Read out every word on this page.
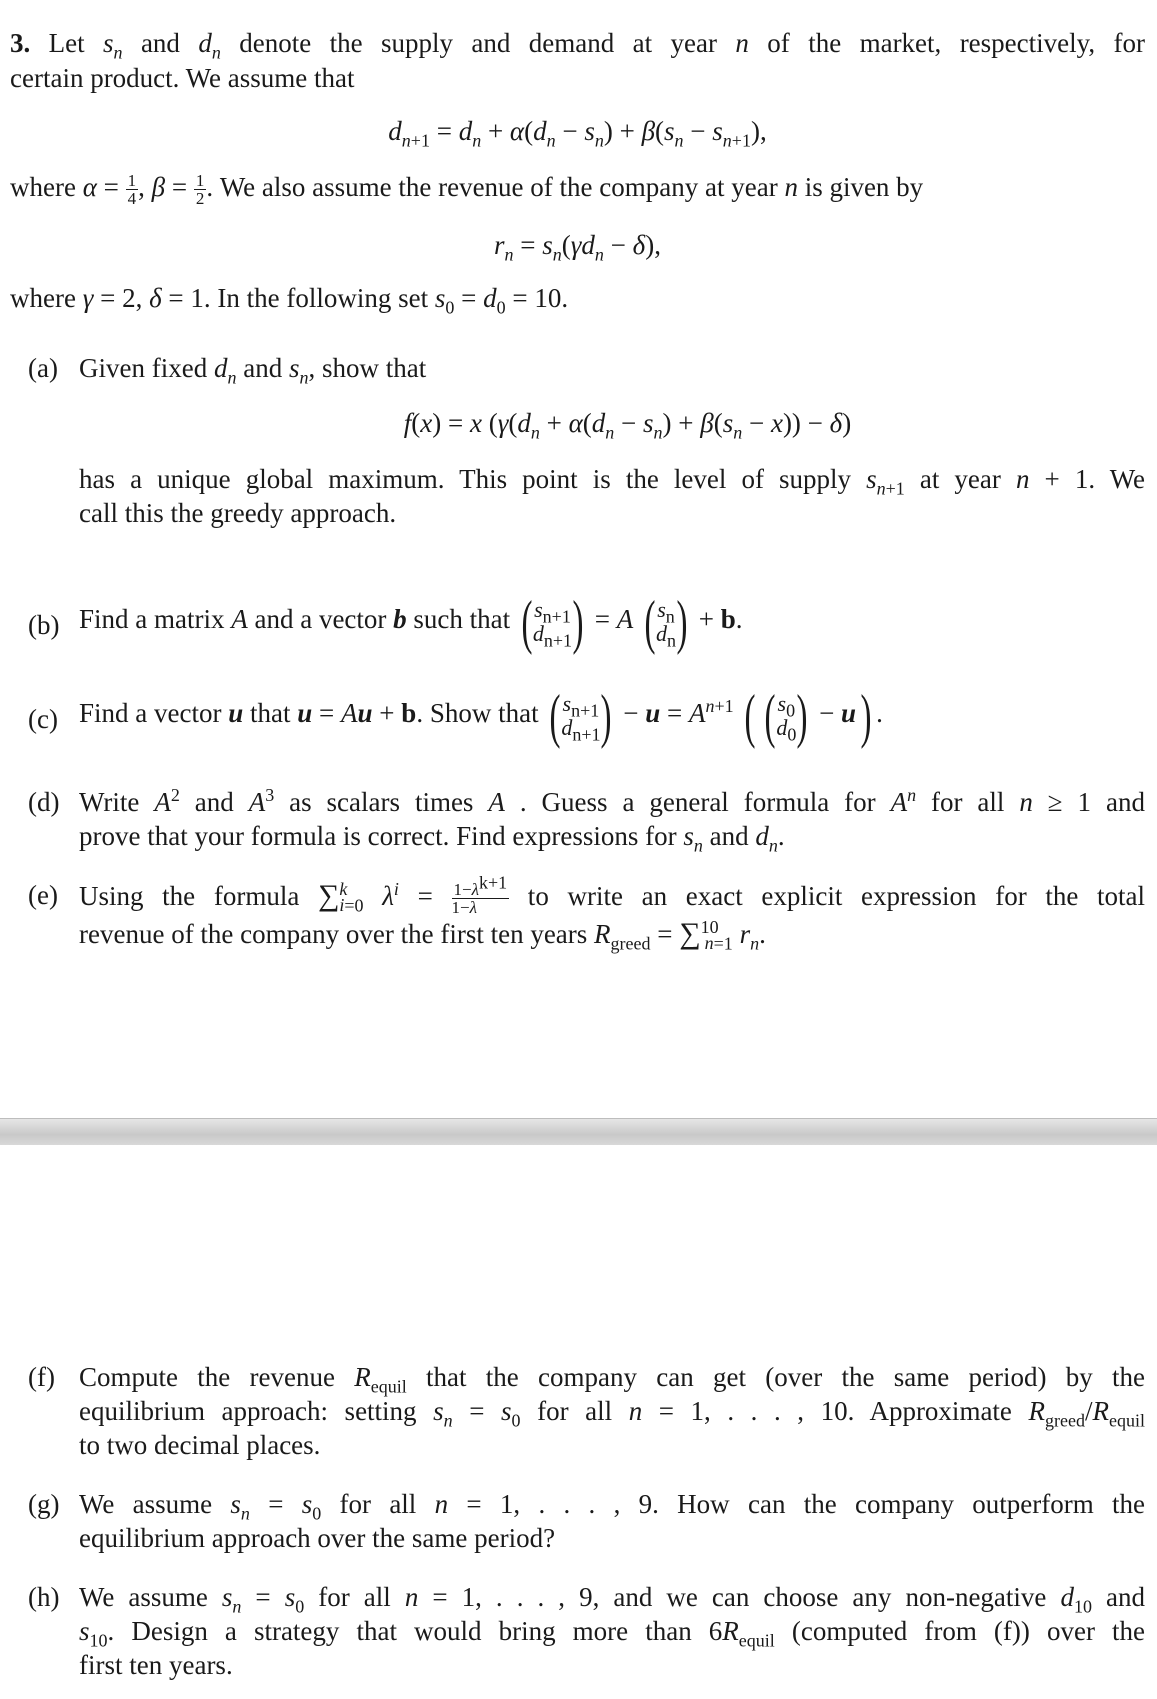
3. Let $s_n$ and $d_n$ denote the supply and demand at year n of the market, respectively, for
certain product. We assume that
$d_{n+1} = d_n + \alpha(d_n - s_n) + \beta(s_n - s_{n+1})$,
where $\alpha = \frac{1}{4}$ , $\beta = \frac{1}{2}$ . We also assume the revenue of the company at year n is given by
$r_n = s_n(\gamma d_n - \delta)$,
where γ = 2, δ = 1. In the following set $s_0 = d_0 = 10$.
(a) Given fixed $d_n$ and $s_n$, show that
f(x) = x $(\gamma(d_n + \alpha(d_n - s_n) + \beta(s_n - x)) - \delta)$
has a unique global maximum. This point is the level of supply $s_{n+1}$ at year n + 1. We
call this the greedy approach.
(b) Find a matrix A and a vector b such that ( $s_{n+1}$
$d_{n+1}$ ) = A ( $s_n$
$d_n$ ) + b.
(c) Find a vector u that u = Au + b. Show that ( $s_{n+1}$
$d_{n+1}$ ) − $u = A^{n+1}$ ( ( $s_0$
$d_0$ ) − u) .
(d) Write $A^2$ and $A^3$ as scalars times A . Guess a general formula for $A^n$ for all n ≥ 1 and
prove that your formula is correct. Find expressions for $s_n$ and $d_n$.
(e) Using the formula ∑$^k_{i=0}$ $\lambda^i = \frac{1-\lambda^{k+1}}{1-\lambda}$ to write an exact explicit expression for the total
revenue of the company over the first ten years $R_{greed} = \sum^{10}_{n=1}$ $r_n$.
(f) Compute the revenue $R_{equil}$ that the company can get (over the same period) by the
equilibrium approach: setting $s_n = s_0$ for all n = 1, . . . , 10. Approximate $R_{greed}/R_{equil}$
to two decimal places.
(g) We assume $s_n = s_0$ for all n = 1, . . . , 9. How can the company outperform the
equilibrium approach over the same period?
(h) We assume $s_n = s_0$ for all n = 1, . . . , 9, and we can choose any non-negative $d_{10}$ and
$s_{10}$. Design a strategy that would bring more than $6R_{equil}$ (computed from (f)) over the
first ten years.
